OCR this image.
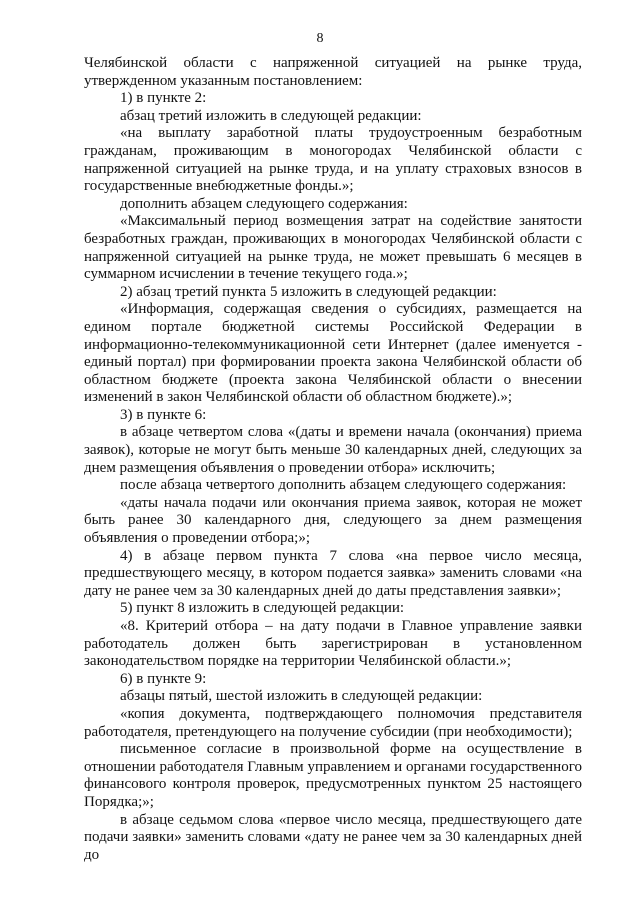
8

Челябинской области с напряженной ситуацией на рынке труда, утвержденном указанным постановлением:

1) в пункте 2:

абзац третий изложить в следующей редакции:

«на выплату заработной платы трудоустроенным безработным гражданам, проживающим в моногородах Челябинской области с напряженной ситуацией на рынке труда, и на уплату страховых взносов в государственные внебюджетные фонды.»;

дополнить абзацем следующего содержания:

«Максимальный период возмещения затрат на содействие занятости безработных граждан, проживающих в моногородах Челябинской области с напряженной ситуацией на рынке труда, не может превышать 6 месяцев в суммарном исчислении в течение текущего года.»;

2) абзац третий пункта 5 изложить в следующей редакции:

«Информация, содержащая сведения о субсидиях, размещается на едином портале бюджетной системы Российской Федерации в информационно-телекоммуникационной сети Интернет (далее именуется - единый портал) при формировании проекта закона Челябинской области об областном бюджете (проекта закона Челябинской области о внесении изменений в закон Челябинской области об областном бюджете).»;

3) в пункте 6:

в абзаце четвертом слова «(даты и времени начала (окончания) приема заявок), которые не могут быть меньше 30 календарных дней, следующих за днем размещения объявления о проведении отбора» исключить;

после абзаца четвертого дополнить абзацем следующего содержания:

«даты начала подачи или окончания приема заявок, которая не может быть ранее 30 календарного дня, следующего за днем размещения объявления о проведении отбора;»;

4) в абзаце первом пункта 7 слова «на первое число месяца, предшествующего месяцу, в котором подается заявка» заменить словами «на дату не ранее чем за 30 календарных дней до даты представления заявки»;

5) пункт 8 изложить в следующей редакции:

«8. Критерий отбора – на дату подачи в Главное управление заявки работодатель должен быть зарегистрирован в установленном законодательством порядке на территории Челябинской области.»;

6) в пункте 9:

абзацы пятый, шестой изложить в следующей редакции:

«копия документа, подтверждающего полномочия представителя работодателя, претендующего на получение субсидии (при необходимости);

письменное согласие в произвольной форме на осуществление в отношении работодателя Главным управлением и органами государственного финансового контроля проверок, предусмотренных пунктом 25 настоящего Порядка;»;

в абзаце седьмом слова «первое число месяца, предшествующего дате подачи заявки» заменить словами «дату не ранее чем за 30 календарных дней до
